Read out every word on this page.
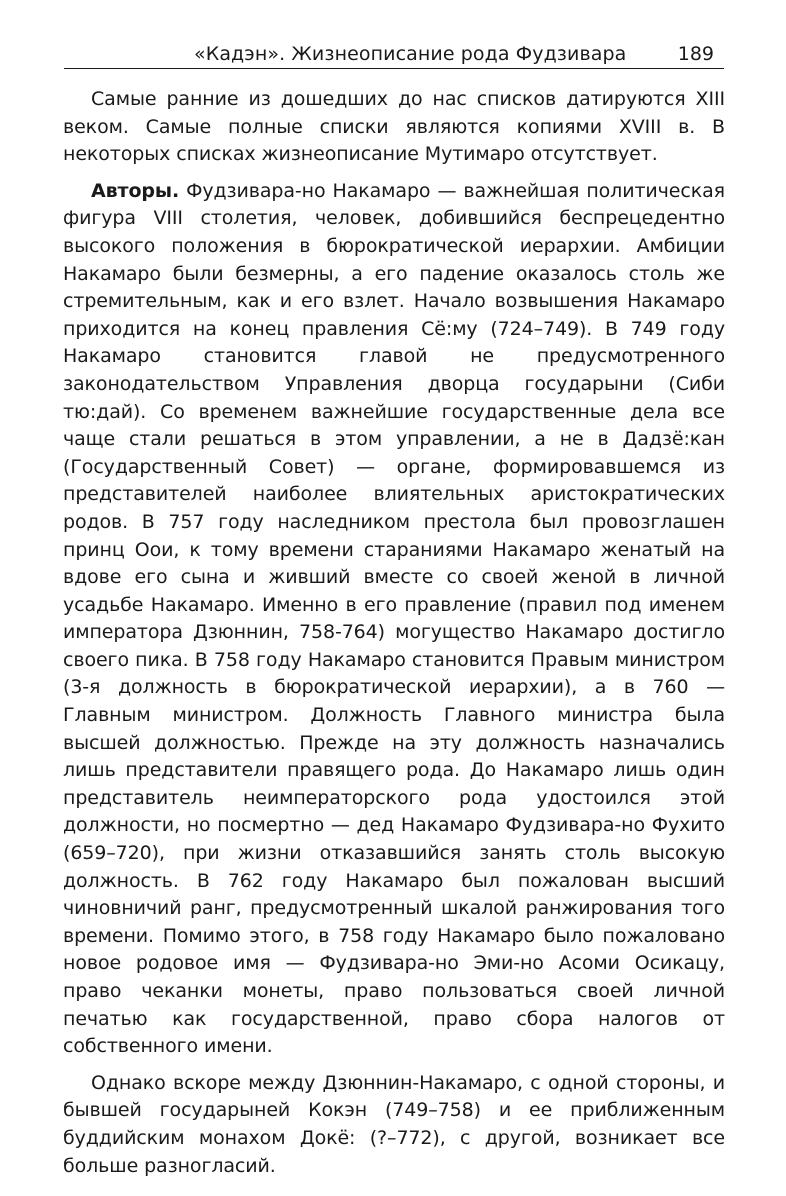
«Кадэн». Жизнеописание рода Фудзивара	189

Самые ранние из дошедших до нас списков датируются XIII веком. Самые полные списки являются копиями XVIII в. В некоторых списках жизнеописание Мутимаро отсутствует.

Авторы. Фудзивара-но Накамаро — важнейшая политическая фигура VIII столетия, человек, добившийся беспрецедентно высокого положения в бюрократической иерархии. Амбиции Накамаро были безмерны, а его падение оказалось столь же стремительным, как и его взлет. Начало возвышения Накамаро приходится на конец правления Сё:му (724–749). В 749 году Накамаро становится главой не предусмотренного законодательством Управления дворца государыни (Сиби тю:дай). Со временем важнейшие государственные дела все чаще стали решаться в этом управлении, а не в Дадзё:кан (Государственный Совет) — органе, формировавшемся из представителей наиболее влиятельных аристократических родов. В 757 году наследником престола был провозглашен принц Ooи, к тому времени стараниями Накамаро женатый на вдове его сына и живший вместе со своей женой в личной усадьбе Накамаро. Именно в его правление (правил под именем императора Дзюннин, 758-764) могущество Накамаро достигло своего пика. В 758 году Накамаро становится Правым министром (3-я должность в бюрократической иерархии), а в 760 — Главным министром. Должность Главного министра была высшей должностью. Прежде на эту должность назначались лишь представители правящего рода. До Накамаро лишь один представитель неимператорского рода удостоился этой должности, но посмертно — дед Накамаро Фудзивара-но Фухито (659–720), при жизни отказавшийся занять столь высокую должность. В 762 году Накамаро был пожалован высший чиновничий ранг, предусмотренный шкалой ранжирования того времени. Помимо этого, в 758 году Накамаро было пожаловано новое родовое имя — Фудзивара-но Эми-но Асоми Осикацу, право чеканки монеты, право пользоваться своей личной печатью как государственной, право сбора налогов от собственного имени.

Однако вскоре между Дзюннин-Накамаро, с одной стороны, и бывшей государыней Кокэн (749–758) и ее приближенным буддийским монахом Докё: (?–772), с другой, возникает все больше разногласий.
